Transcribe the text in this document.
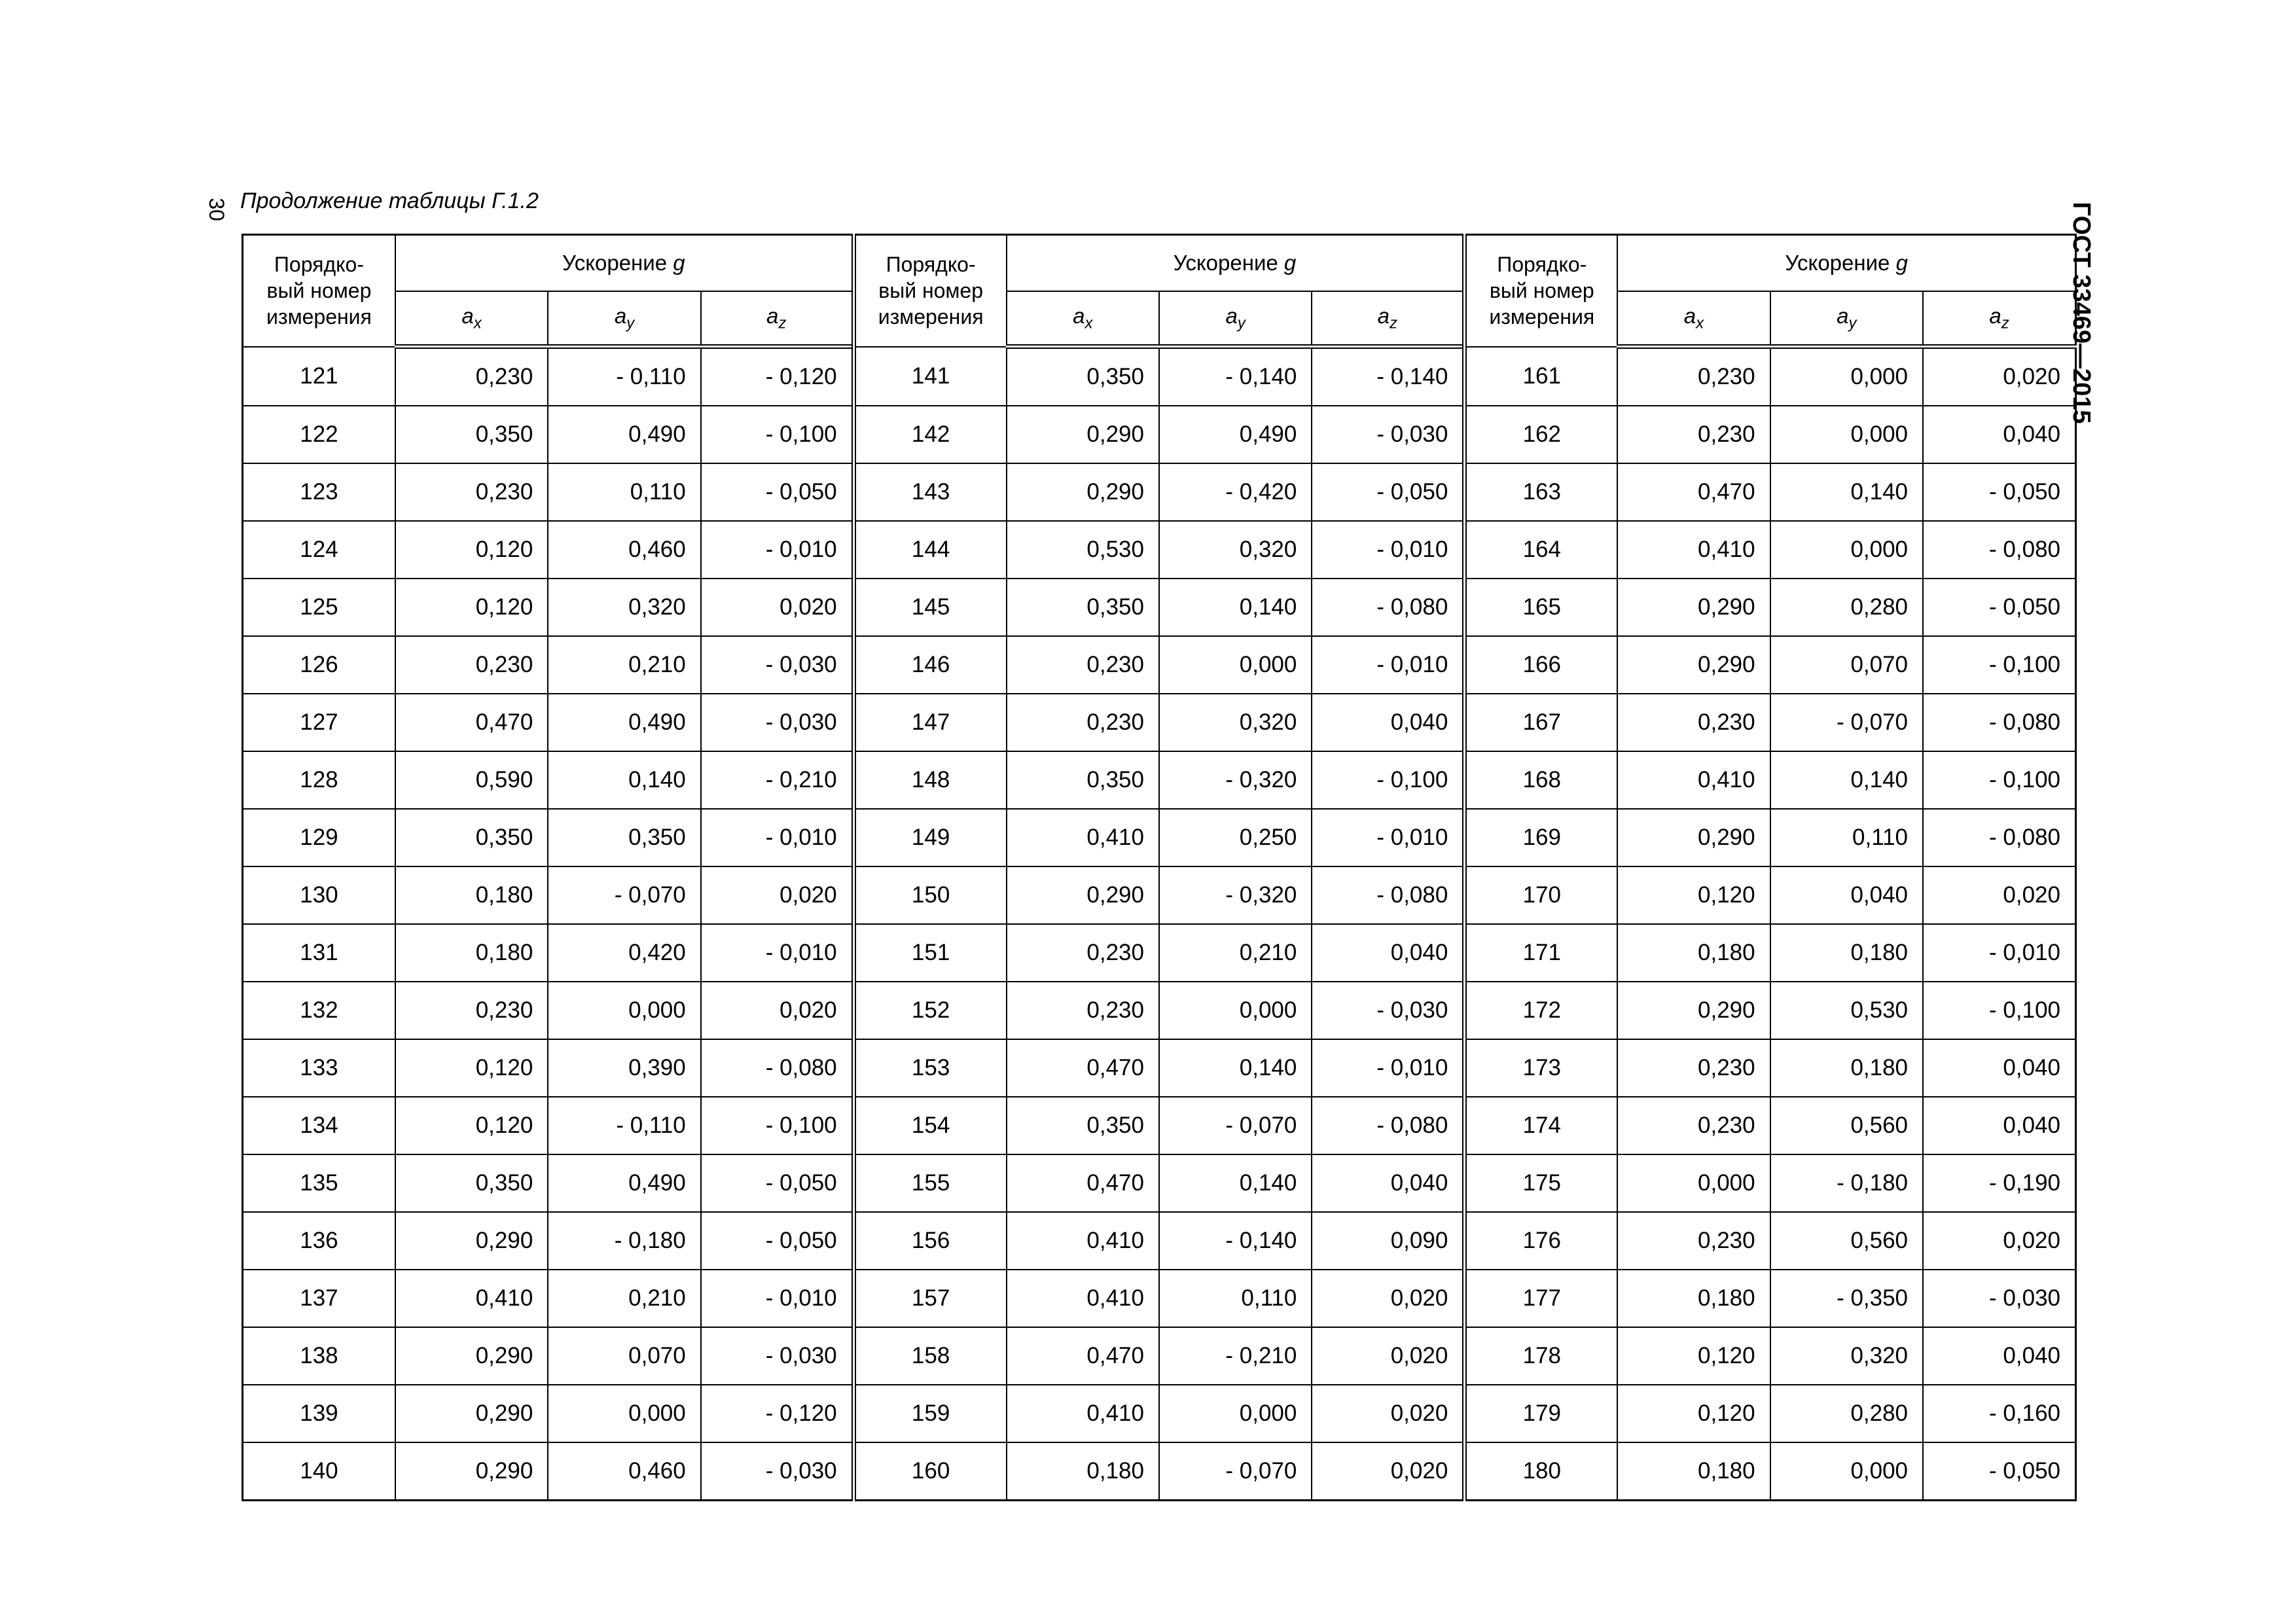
30 Продолжение таблицы Г.1.2
ГОСТ 33469—2015
Порядко-
вый номер
измерения	Ускорение g			Порядко-
вый номер
измерения	Ускорение g			Порядко-
вый номер
измерения	Ускорение g		
	$a_x$	$a_y$	$a_z$		$a_x$	$a_y$	$a_z$		$a_x$	$a_y$	$a_z$
121	0,230	- 0,110	- 0,120	141	0,350	- 0,140	- 0,140	161	0,230	0,000	0,020
122	0,350	0,490	- 0,100	142	0,290	0,490	- 0,030	162	0,230	0,000	0,040
123	0,230	0,110	- 0,050	143	0,290	- 0,420	- 0,050	163	0,470	0,140	- 0,050
124	0,120	0,460	- 0,010	144	0,530	0,320	- 0,010	164	0,410	0,000	- 0,080
125	0,120	0,320	0,020	145	0,350	0,140	- 0,080	165	0,290	0,280	- 0,050
126	0,230	0,210	- 0,030	146	0,230	0,000	- 0,010	166	0,290	0,070	- 0,100
127	0,470	0,490	- 0,030	147	0,230	0,320	0,040	167	0,230	- 0,070	- 0,080
128	0,590	0,140	- 0,210	148	0,350	- 0,320	- 0,100	168	0,410	0,140	- 0,100
129	0,350	0,350	- 0,010	149	0,410	0,250	- 0,010	169	0,290	0,110	- 0,080
130	0,180	- 0,070	0,020	150	0,290	- 0,320	- 0,080	170	0,120	0,040	0,020
131	0,180	0,420	- 0,010	151	0,230	0,210	0,040	171	0,180	0,180	- 0,010
132	0,230	0,000	0,020	152	0,230	0,000	- 0,030	172	0,290	0,530	- 0,100
133	0,120	0,390	- 0,080	153	0,470	0,140	- 0,010	173	0,230	0,180	0,040
134	0,120	- 0,110	- 0,100	154	0,350	- 0,070	- 0,080	174	0,230	0,560	0,040
135	0,350	0,490	- 0,050	155	0,470	0,140	0,040	175	0,000	- 0,180	- 0,190
136	0,290	- 0,180	- 0,050	156	0,410	- 0,140	0,090	176	0,230	0,560	0,020
137	0,410	0,210	- 0,010	157	0,410	0,110	0,020	177	0,180	- 0,350	- 0,030
138	0,290	0,070	- 0,030	158	0,470	- 0,210	0,020	178	0,120	0,320	0,040
139	0,290	0,000	- 0,120	159	0,410	0,000	0,020	179	0,120	0,280	- 0,160
140	0,290	0,460	- 0,030	160	0,180	- 0,070	0,020	180	0,180	0,000	- 0,050
